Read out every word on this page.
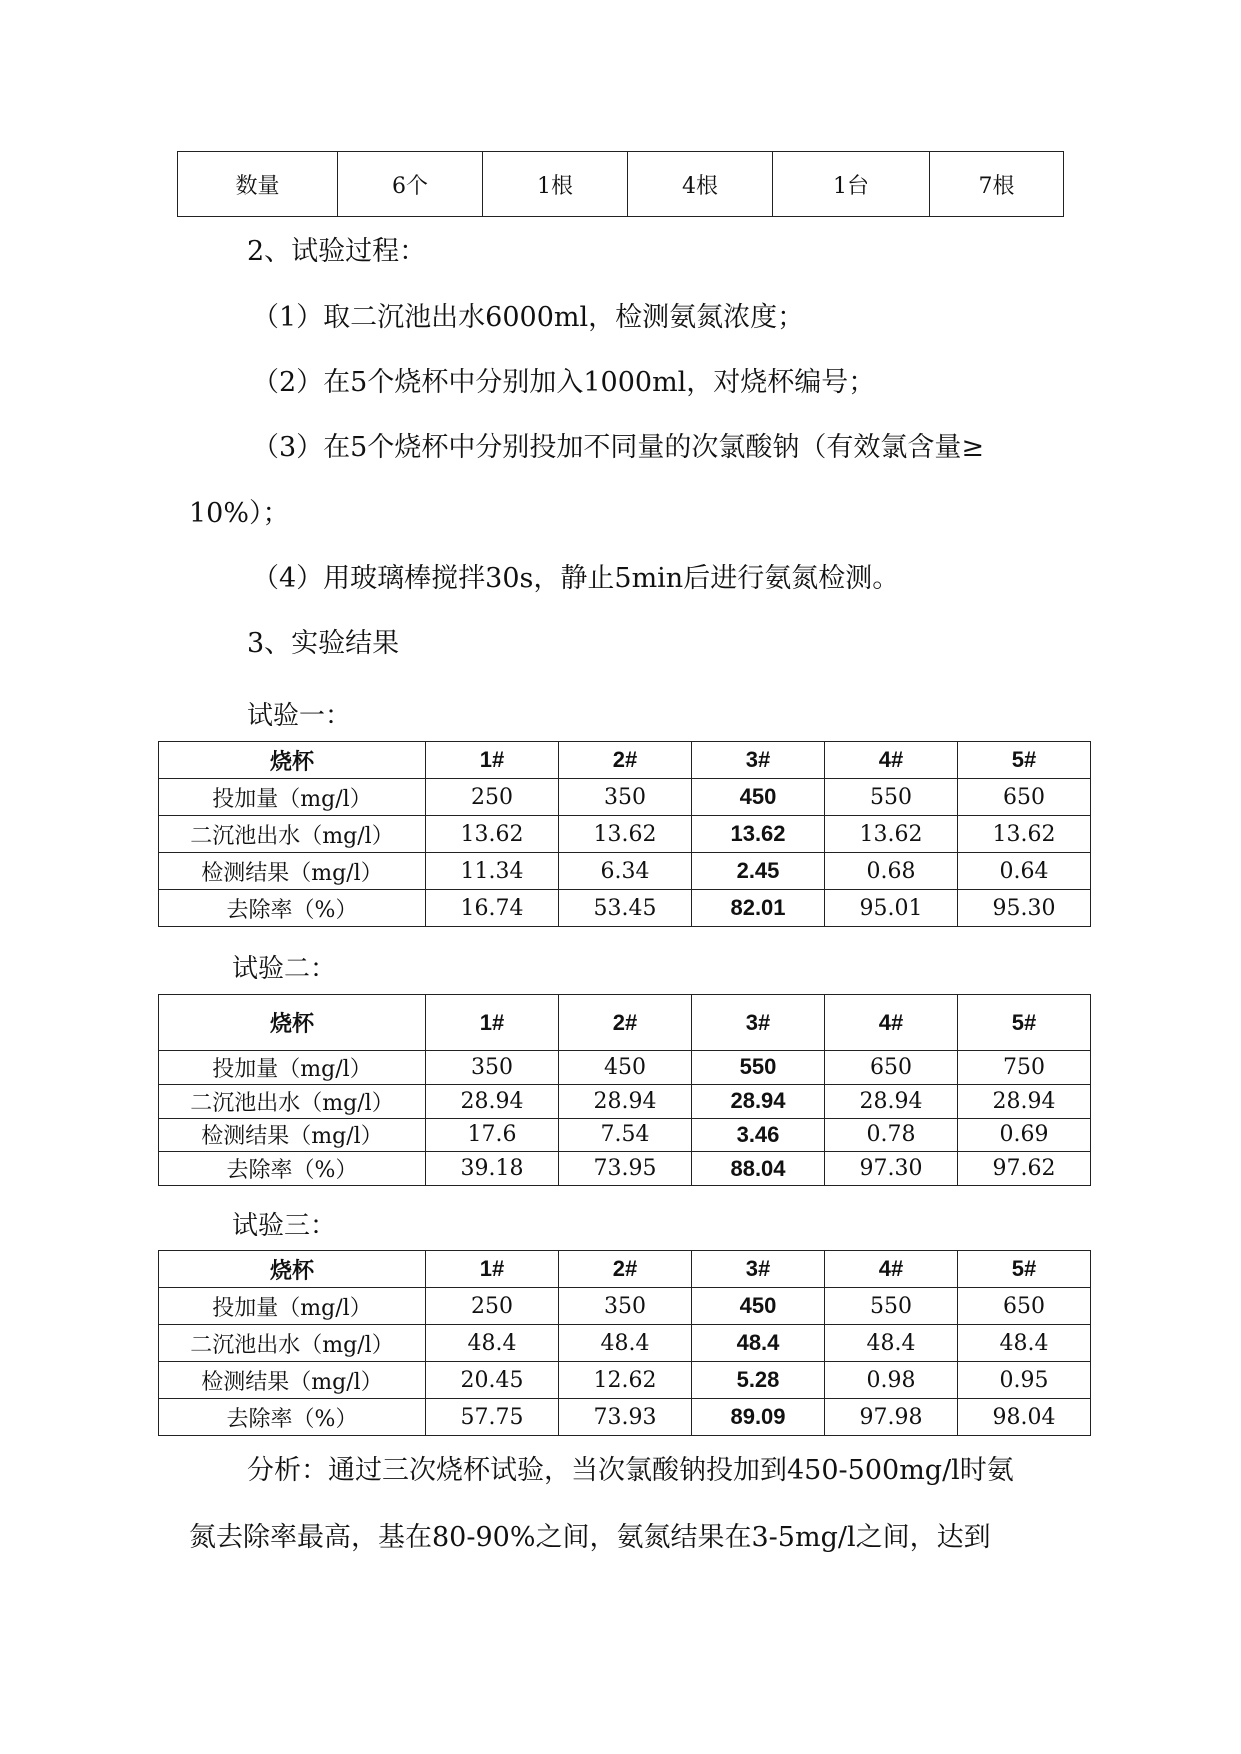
数量	6个	1根	4根	1台	7根
2、试验过程：
（1）取二沉池出水6000ml，检测氨氮浓度；
（2）在5个烧杯中分别加入1000ml，对烧杯编号；
（3）在5个烧杯中分别投加不同量的次氯酸钠（有效氯含量≥
10%）；
（4）用玻璃棒搅拌30s，静止5min后进行氨氮检测。
3、实验结果
试验一：
烧杯	1#	2#	3#	4#	5#
投加量（mg/l）	250	350	450	550	650
二沉池出水（mg/l）	13.62	13.62	13.62	13.62	13.62
检测结果（mg/l）	11.34	6.34	2.45	0.68	0.64
去除率（%）	16.74	53.45	82.01	95.01	95.30
试验二：
烧杯	1#	2#	3#	4#	5#
投加量（mg/l）	350	450	550	650	750
二沉池出水（mg/l）	28.94	28.94	28.94	28.94	28.94
检测结果（mg/l）	17.6	7.54	3.46	0.78	0.69
去除率（%）	39.18	73.95	88.04	97.30	97.62
试验三：
烧杯	1#	2#	3#	4#	5#
投加量（mg/l）	250	350	450	550	650
二沉池出水（mg/l）	48.4	48.4	48.4	48.4	48.4
检测结果（mg/l）	20.45	12.62	5.28	0.98	0.95
去除率（%）	57.75	73.93	89.09	97.98	98.04
分析：通过三次烧杯试验，当次氯酸钠投加到450-500mg/l时氨
氮去除率最高，基在80-90%之间，氨氮结果在3-5mg/l之间，达到
